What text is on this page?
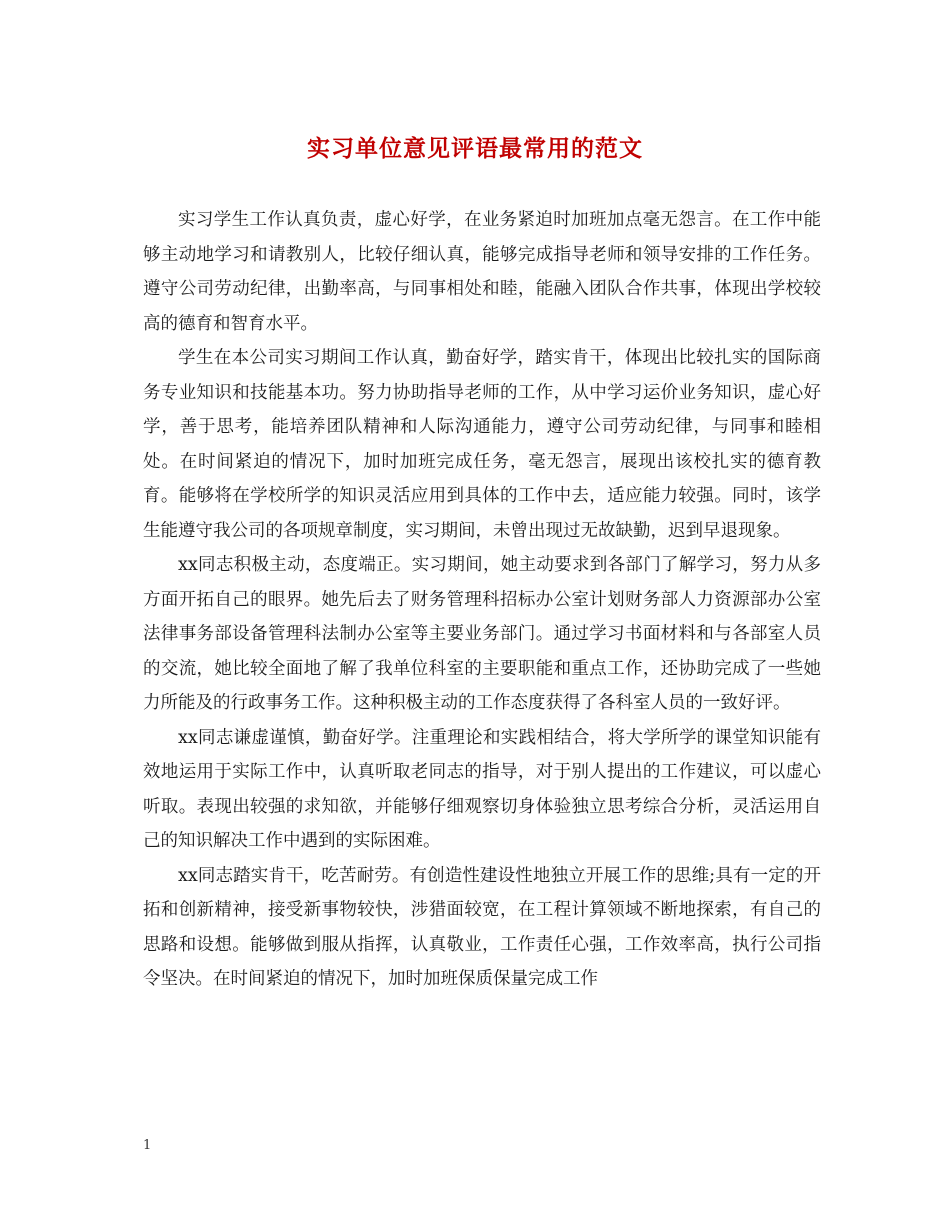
实习单位意见评语最常用的范文

实习学生工作认真负责，虚心好学，在业务紧迫时加班加点毫无怨言。在工作中能够主动地学习和请教别人，比较仔细认真，能够完成指导老师和领导安排的工作任务。遵守公司劳动纪律，出勤率高，与同事相处和睦，能融入团队合作共事，体现出学校较高的德育和智育水平。

学生在本公司实习期间工作认真，勤奋好学，踏实肯干，体现出比较扎实的国际商务专业知识和技能基本功。努力协助指导老师的工作，从中学习运价业务知识，虚心好学，善于思考，能培养团队精神和人际沟通能力，遵守公司劳动纪律，与同事和睦相处。在时间紧迫的情况下，加时加班完成任务，毫无怨言，展现出该校扎实的德育教育。能够将在学校所学的知识灵活应用到具体的工作中去，适应能力较强。同时，该学生能遵守我公司的各项规章制度，实习期间，未曾出现过无故缺勤，迟到早退现象。

xx同志积极主动，态度端正。实习期间，她主动要求到各部门了解学习，努力从多方面开拓自己的眼界。她先后去了财务管理科招标办公室计划财务部人力资源部办公室法律事务部设备管理科法制办公室等主要业务部门。通过学习书面材料和与各部室人员的交流，她比较全面地了解了我单位科室的主要职能和重点工作，还协助完成了一些她力所能及的行政事务工作。这种积极主动的工作态度获得了各科室人员的一致好评。

xx同志谦虚谨慎，勤奋好学。注重理论和实践相结合，将大学所学的课堂知识能有效地运用于实际工作中，认真听取老同志的指导，对于别人提出的工作建议，可以虚心听取。表现出较强的求知欲，并能够仔细观察切身体验独立思考综合分析，灵活运用自己的知识解决工作中遇到的实际困难。

xx同志踏实肯干，吃苦耐劳。有创造性建设性地独立开展工作的思维;具有一定的开拓和创新精神，接受新事物较快，涉猎面较宽，在工程计算领域不断地探索，有自己的思路和设想。能够做到服从指挥，认真敬业，工作责任心强，工作效率高，执行公司指令坚决。在时间紧迫的情况下，加时加班保质保量完成工作

1
